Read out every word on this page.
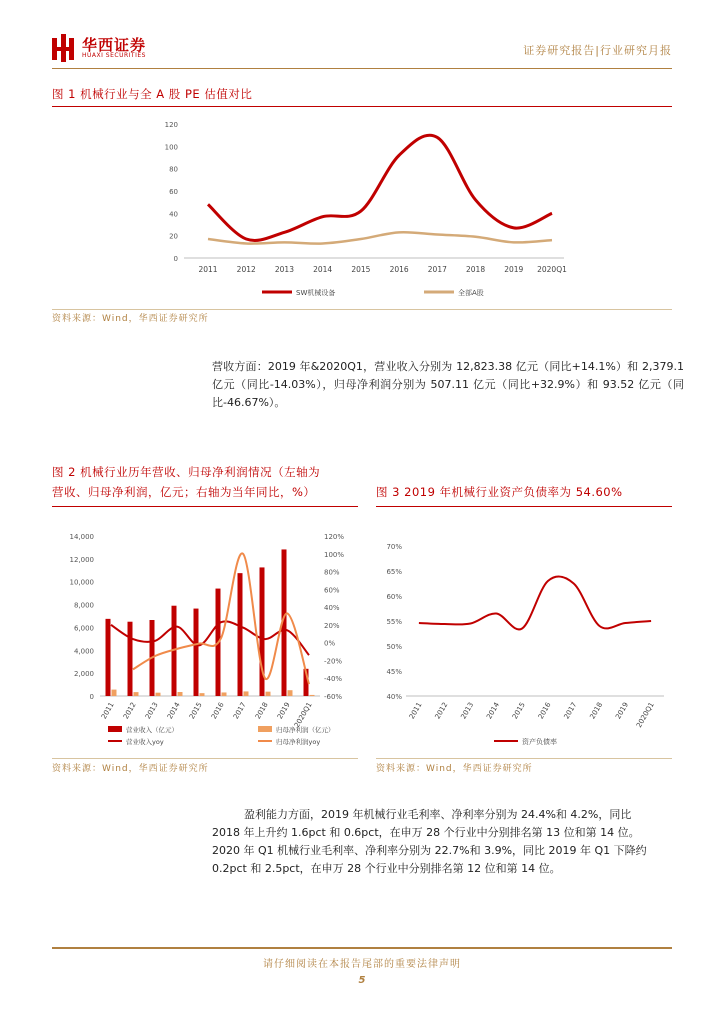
华西证券
HUAXI SECURITIES	证券研究报告|行业研究月报
图 1 机械行业与全 A 股 PE 估值对比
0
20
40
60
80
100
120
2011	2012	2013	2014	2015	2016	2017	2018	2019 2020Q1
SW机械设备	全部A股
资料来源：Wind，华西证券研究所
营收方面：2019 年&2020Q1，营业收入分别为 12,823.38 亿元（同比+14.1%）和 2,379.1 亿元（同比-14.03%），归母净利润分别为 507.11 亿元（同比+32.9%）和 93.52 亿元（同比-46.67%）。
图 2 机械行业历年营收、归母净利润情况（左轴为
营收、归母净利润，亿元；右轴为当年同比，%）	图 3 2019 年机械行业资产负债率为 54.60%
0
2,000
4,000
6,000
8,000
10,000
12,000
14,000
-60%
-40%
-20%
0%
20%
40%
60%
80%
100%
120%
2011 2012 2013 2014 2015 2016 2017 2018 2019 2020Q1
营业收入（亿元）	归母净利润（亿元）
营业收入yoy	归母净利润yoy
资料来源：Wind，华西证券研究所
40%
45%
50%
55%
60%
65%
70%
2011 2012 2013 2014 2015 2016 2017 2018 2019 2020Q1
资产负债率
资料来源：Wind，华西证券研究所
盈利能力方面，2019 年机械行业毛利率、净利率分别为 24.4%和 4.2%，同比
2018 年上升约 1.6pct 和 0.6pct，在申万 28 个行业中分别排名第 13 位和第 14 位。
2020 年 Q1 机械行业毛利率、净利率分别为 22.7%和 3.9%，同比 2019 年 Q1 下降约
0.2pct 和 2.5pct，在申万 28 个行业中分别排名第 12 位和第 14 位。
请仔细阅读在本报告尾部的重要法律声明
5
